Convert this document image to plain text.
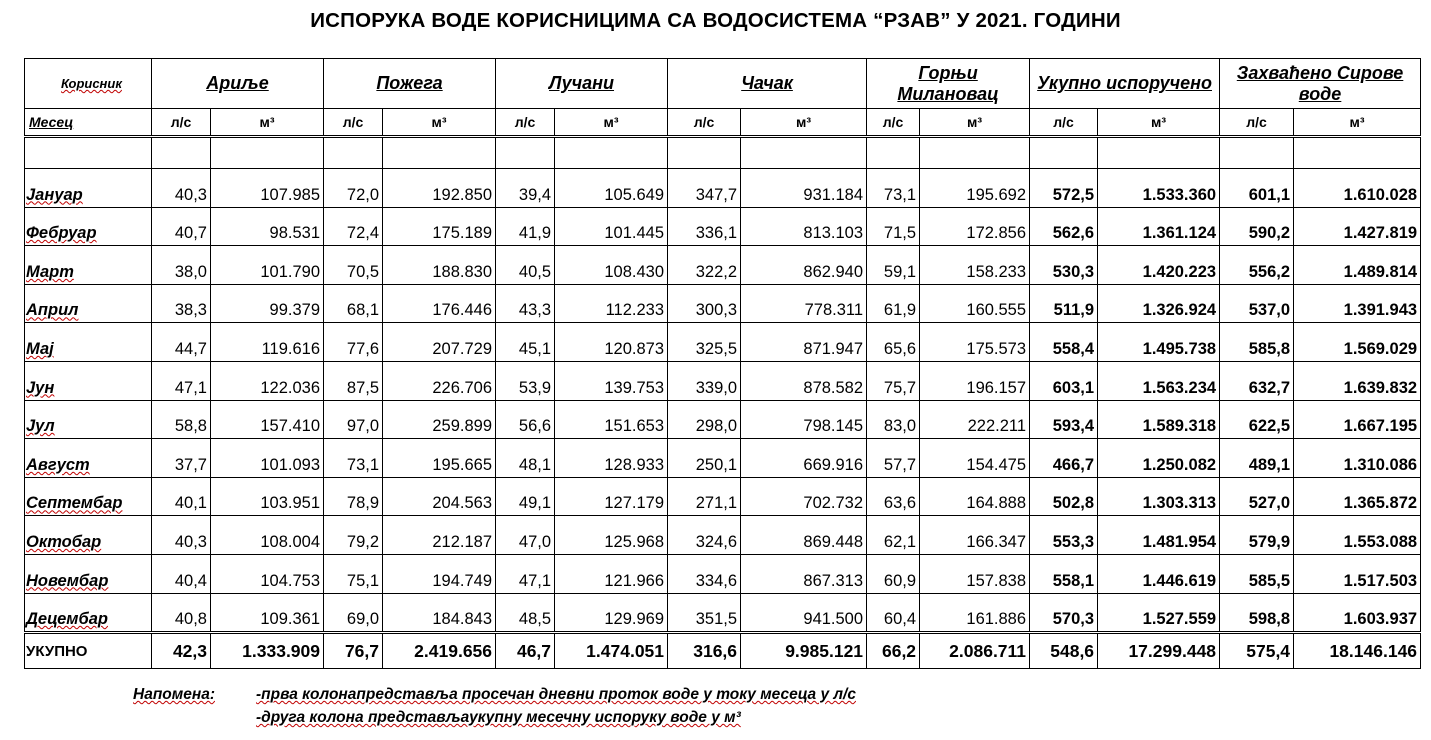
ИСПОРУКА ВОДЕ КОРИСНИЦИМА СА ВОДОСИСТЕМА “РЗАВ” У 2021. ГОДИНИ
Корисник	Ариље		Пожега		Лучани		Чачак		Горњи Милановац		Укупно испоручено		Захваћено Сирове воде	
Месец	л/с	м³	л/с	м³	л/с	м³	л/с	м³	л/с	м³	л/с	м³	л/с	м³

Јануар	40,3	107.985	72,0	192.850	39,4	105.649	347,7	931.184	73,1	195.692	572,5	1.533.360	601,1	1.610.028
Фебруар	40,7	98.531	72,4	175.189	41,9	101.445	336,1	813.103	71,5	172.856	562,6	1.361.124	590,2	1.427.819
Март	38,0	101.790	70,5	188.830	40,5	108.430	322,2	862.940	59,1	158.233	530,3	1.420.223	556,2	1.489.814
Април	38,3	99.379	68,1	176.446	43,3	112.233	300,3	778.311	61,9	160.555	511,9	1.326.924	537,0	1.391.943
Мај	44,7	119.616	77,6	207.729	45,1	120.873	325,5	871.947	65,6	175.573	558,4	1.495.738	585,8	1.569.029
Јун	47,1	122.036	87,5	226.706	53,9	139.753	339,0	878.582	75,7	196.157	603,1	1.563.234	632,7	1.639.832
Јул	58,8	157.410	97,0	259.899	56,6	151.653	298,0	798.145	83,0	222.211	593,4	1.589.318	622,5	1.667.195
Август	37,7	101.093	73,1	195.665	48,1	128.933	250,1	669.916	57,7	154.475	466,7	1.250.082	489,1	1.310.086
Септембар	40,1	103.951	78,9	204.563	49,1	127.179	271,1	702.732	63,6	164.888	502,8	1.303.313	527,0	1.365.872
Октобар	40,3	108.004	79,2	212.187	47,0	125.968	324,6	869.448	62,1	166.347	553,3	1.481.954	579,9	1.553.088
Новембар	40,4	104.753	75,1	194.749	47,1	121.966	334,6	867.313	60,9	157.838	558,1	1.446.619	585,5	1.517.503
Децембар	40,8	109.361	69,0	184.843	48,5	129.969	351,5	941.500	60,4	161.886	570,3	1.527.559	598,8	1.603.937
УКУПНО	42,3	1.333.909	76,7	2.419.656	46,7	1.474.051	316,6	9.985.121	66,2	2.086.711	548,6	17.299.448	575,4	18.146.146
Напомена:	-прва колонапредставља просечан дневни проток воде у току месеца у л/с
-друга колона представљаукупну месечну испоруку воде у м³
